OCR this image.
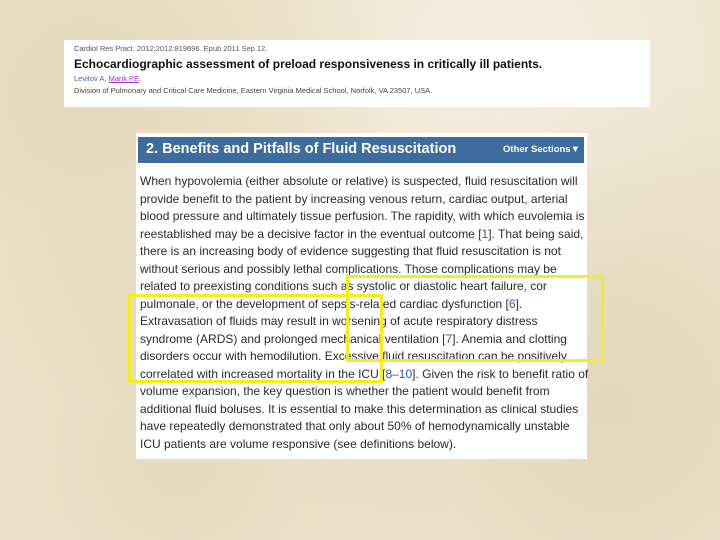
Cardiol Res Pract. 2012;2012:819696. Epub 2011 Sep 12.
Echocardiographic assessment of preload responsiveness in critically ill patients.
Levitov A, Marik PE.
Division of Pulmonary and Critical Care Medicine, Eastern Virginia Medical School, Norfolk, VA 23507, USA.
2. Benefits and Pitfalls of Fluid Resuscitation	Other Sections▼

When hypovolemia (either absolute or relative) is suspected, fluid resuscitation will
provide benefit to the patient by increasing venous return, cardiac output, arterial
blood pressure and ultimately tissue perfusion. The rapidity, with which euvolemia is
reestablished may be a decisive factor in the eventual outcome [1]. That being said,
there is an increasing body of evidence suggesting that fluid resuscitation is not
without serious and possibly lethal complications. Those complications may be
related to preexisting conditions such as systolic or diastolic heart failure, cor
pulmonale, or the development of sepsis-related cardiac dysfunction [6].
Extravasation of fluids may result in worsening of acute respiratory distress
syndrome (ARDS) and prolonged mechanical ventilation [7]. Anemia and clotting
disorders occur with hemodilution. Excessive fluid resuscitation can be positively
correlated with increased mortality in the ICU [8–10]. Given the risk to benefit ratio of
volume expansion, the key question is whether the patient would benefit from
additional fluid boluses. It is essential to make this determination as clinical studies
have repeatedly demonstrated that only about 50% of hemodynamically unstable
ICU patients are volume responsive (see definitions below).
